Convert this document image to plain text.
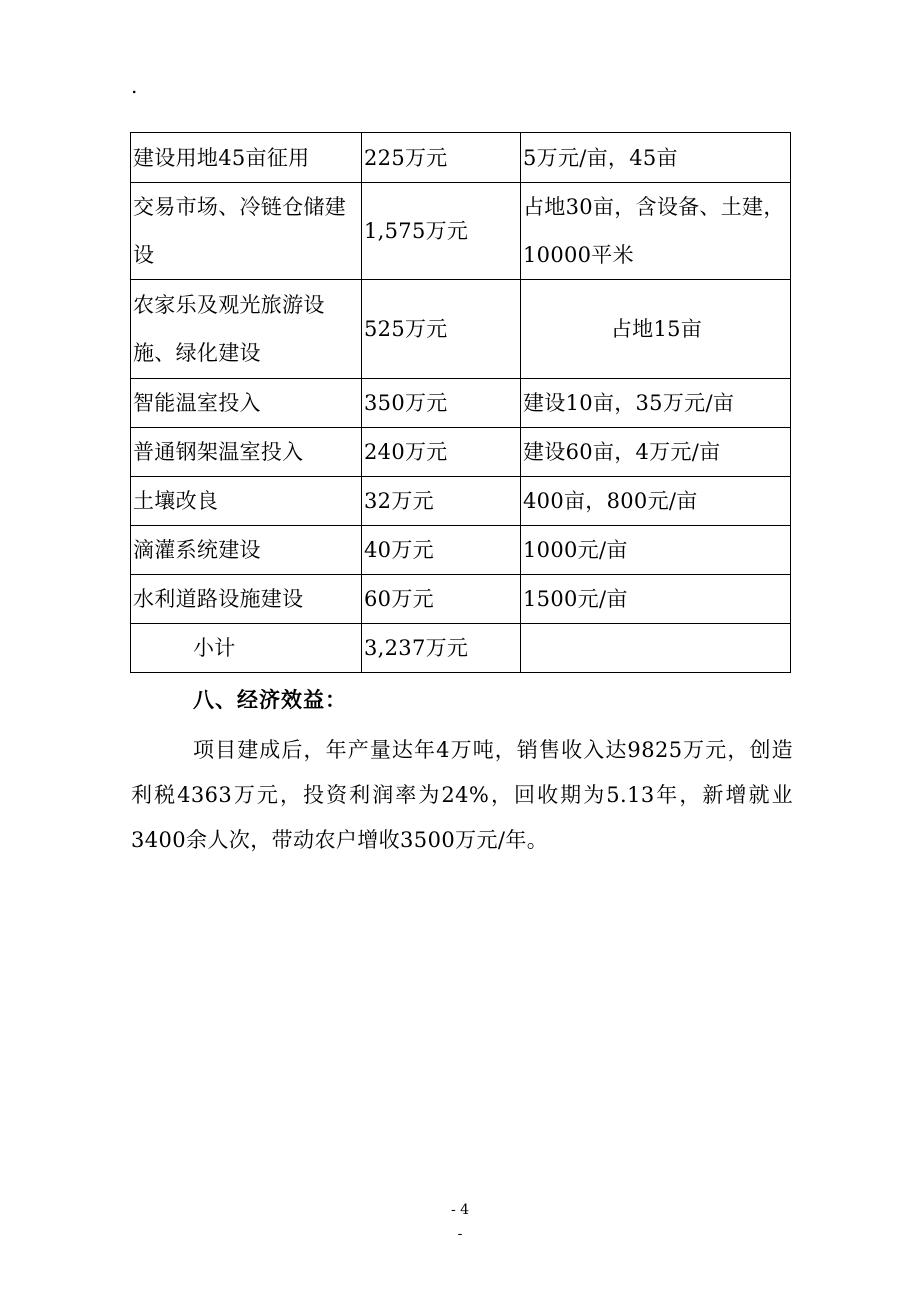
.
建设用地45亩征用	225万元	5万元/亩，45亩
交易市场、冷链仓储建设	1,575万元	占地30亩，含设备、土建，10000平米
农家乐及观光旅游设施、绿化建设	525万元	占地15亩
智能温室投入	350万元	建设10亩，35万元/亩
普通钢架温室投入	240万元	建设60亩，4万元/亩
土壤改良	32万元	400亩，800元/亩
滴灌系统建设	40万元	1000元/亩
水利道路设施建设	60万元	1500元/亩
小计	3,237万元	
八、经济效益：
项目建成后，年产量达年4万吨，销售收入达9825万元，创造利税4363万元，投资利润率为24%，回收期为5.13年，新增就业3400余人次，带动农户增收3500万元/年。
- 4
-
